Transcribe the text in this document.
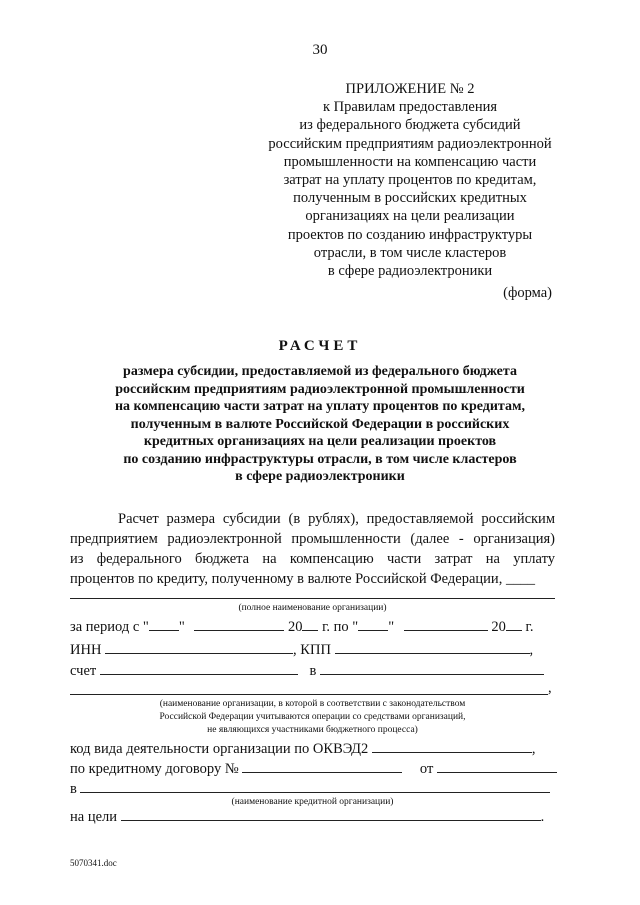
30
ПРИЛОЖЕНИЕ № 2
к Правилам предоставления
из федерального бюджета субсидий
российским предприятиям радиоэлектронной
промышленности на компенсацию части
затрат на уплату процентов по кредитам,
полученным в российских кредитных
организациях на цели реализации
проектов по созданию инфраструктуры
отрасли, в том числе кластеров
в сфере радиоэлектроники
(форма)
РАСЧЕТ
размера субсидии, предоставляемой из федерального бюджета
российским предприятиям радиоэлектронной промышленности
на компенсацию части затрат на уплату процентов по кредитам,
полученным в валюте Российской Федерации в российских
кредитных организациях на цели реализации проектов
по созданию инфраструктуры отрасли, в том числе кластеров
в сфере радиоэлектроники
Расчет размера субсидии (в рублях), предоставляемой российским
предприятием радиоэлектронной промышленности (далее - организация)
из федерального бюджета на компенсацию части затрат на уплату
процентов по кредиту, полученному в валюте Российской Федерации, ____
(полное наименование организации)
за период с " "	20 г. по " "	20 г.
ИНН	, КПП	,
счет	в
,
(наименование организации, в которой в соответствии с законодательством
Российской Федерации учитываются операции со средствами организаций,
не являющихся участниками бюджетного процесса)
код вида деятельности организации по ОКВЭД2	,
по кредитному договору №	от
в
(наименование кредитной организации)
на цели	.
5070341.doc
